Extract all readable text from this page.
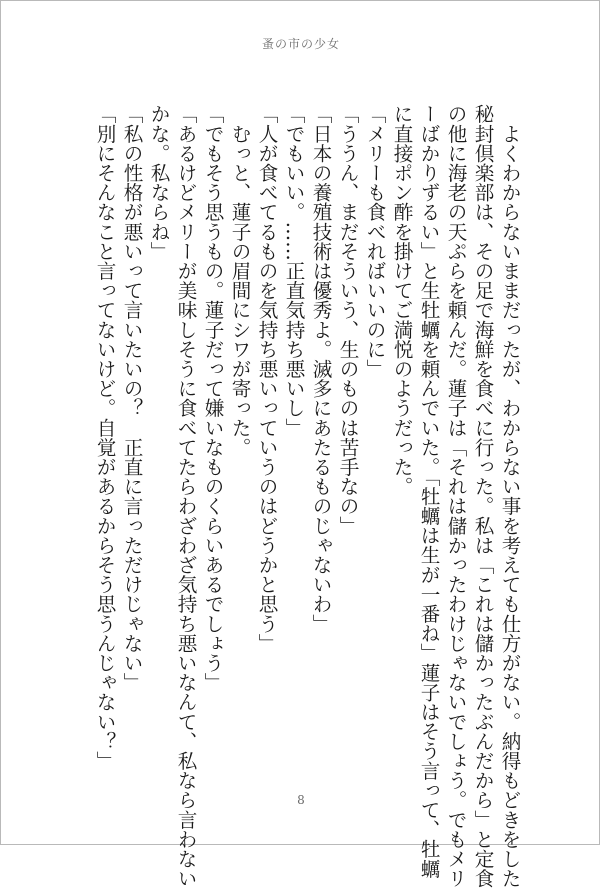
蚤の市の少女
　よくわからないままだったが、わからない事を考えても仕方がない。納得もどきをした
秘封倶楽部は、その足で海鮮を食べに行った。私は「これは儲かったぶんだから」と定食
の他に海老の天ぷらを頼んだ。蓮子は「それは儲かったわけじゃないでしょう。でもメリ
ーばかりずるい」と生牡蠣を頼んでいた。「牡蠣は生が一番ね」蓮子はそう言って、牡蠣
に直接ポン酢を掛けてご満悦のようだった。
「メリーも食べればいいのに」
「ううん、まだそういう、生のものは苦手なの」
「日本の養殖技術は優秀よ。滅多にあたるものじゃないわ」
「でもいい。……正直気持ち悪いし」
「人が食べてるものを気持ち悪いっていうのはどうかと思う」
　むっと、蓮子の眉間にシワが寄った。
「でもそう思うもの。蓮子だって嫌いなものくらいあるでしょう」
「あるけどメリーが美味しそうに食べてたらわざわざ気持ち悪いなんて、私なら言わない
かな。私ならね」
「私の性格が悪いって言いたいの？　正直に言っただけじゃない」
「別にそんなこと言ってないけど。自覚があるからそう思うんじゃない？」
8
